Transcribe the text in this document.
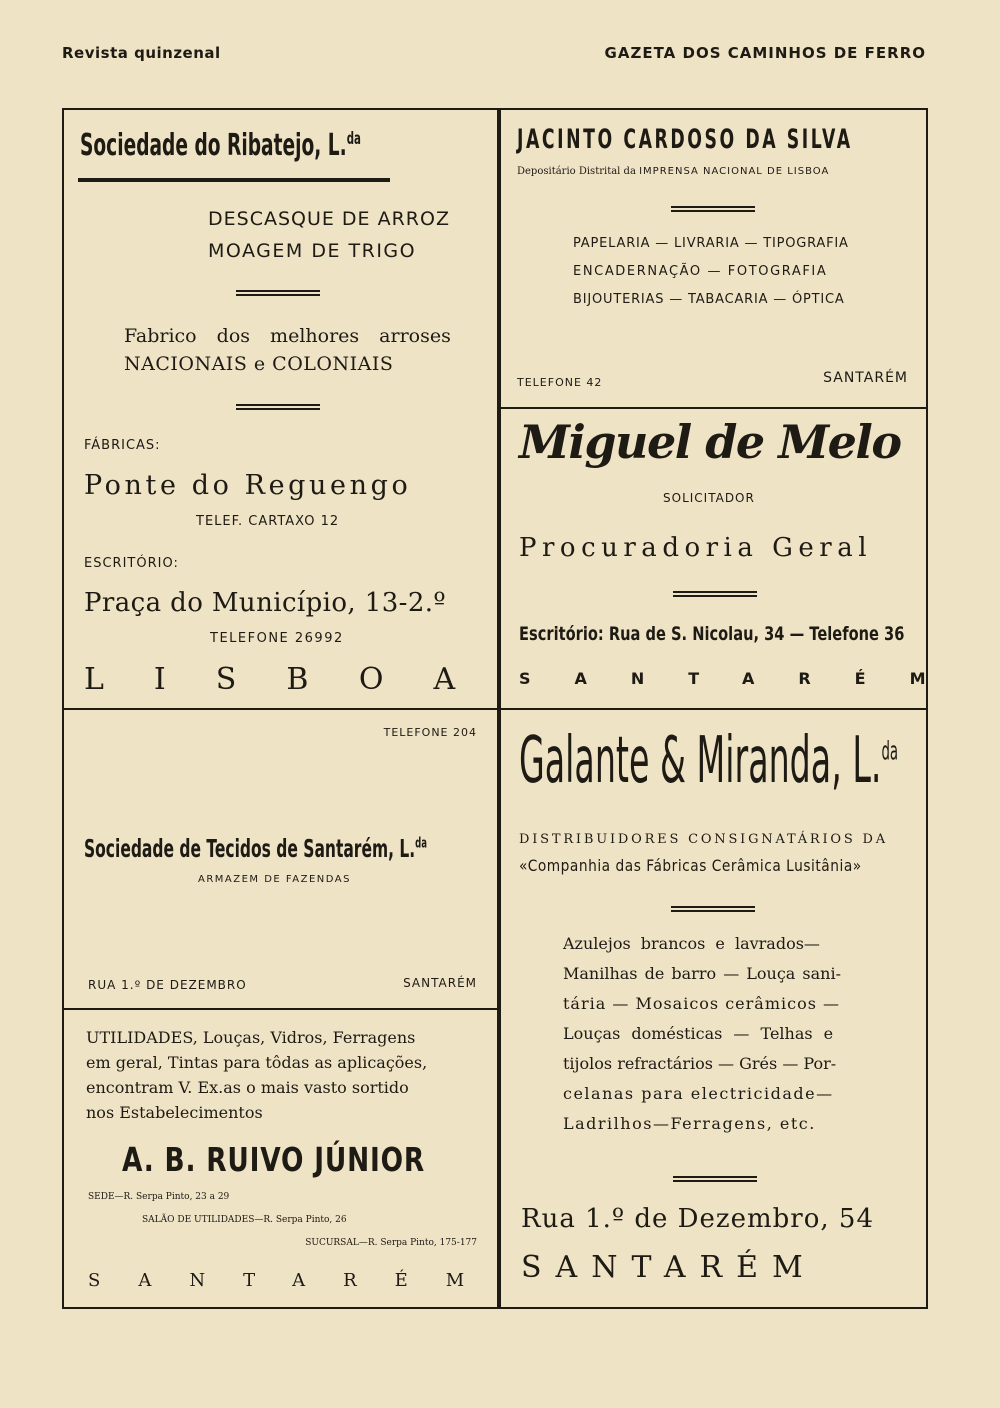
Revista quinzenal	GAZETA DOS CAMINHOS DE FERRO
Sociedade do Ribatejo, L.$^{da}$
DESCASQUE DE ARROZ
MOAGEM DE TRIGO
Fabrico dos melhores arroses
NACIONAIS e COLONIAIS
FÁBRICAS:
Ponte do Reguengo
TELEF. CARTAXO 12
ESCRITÓRIO:
Praça do Município, 13-2.º
TELEFONE 26992
LISBOA
JACINTO CARDOSO DA SILVA
Depositário Distrital da IMPRENSA NACIONAL DE LISBOA
PAPELARIA — LIVRARIA — TIPOGRAFIA
ENCADERNAÇÃO — FOTOGRAFIA
BIJOUTERIAS — TABACARIA — ÓPTICA
TELEFONE 42	SANTARÉM
Miguel de Melo
SOLICITADOR
Procuradoria Geral
Escritório: Rua de S. Nicolau, 34 — Telefone 36
SANTARÉM
TELEFONE 204
Sociedade de Tecidos de Santarém, L.$^{da}$
ARMAZEM DE FAZENDAS
RUA 1.º DE DEZEMBRO	SANTARÉM
UTILIDADES, Louças, Vidros, Ferragens
em geral, Tintas para tôdas as aplicações,
encontram V. Ex.as o mais vasto sortido
nos Estabelecimentos
A. B. RUIVO JÚNIOR
SEDE—R. Serpa Pinto, 23 a 29
SALÃO DE UTILIDADES—R. Serpa Pinto, 26
SUCURSAL—R. Serpa Pinto, 175-177
SANTARÉM
Galante & Miranda, L.$^{da}$
DISTRIBUIDORES CONSIGNATÁRIOS DA
«Companhia das Fábricas Cerâmica Lusitânia»
Azulejos brancos e lavrados—
Manilhas de barro — Louça sani-
tária — Mosaicos cerâmicos —
Louças domésticas — Telhas e
tijolos refractários — Grés — Por-
celanas para electricidade—
Ladrilhos—Ferragens, etc.
Rua 1.º de Dezembro, 54
SANTARÉM
